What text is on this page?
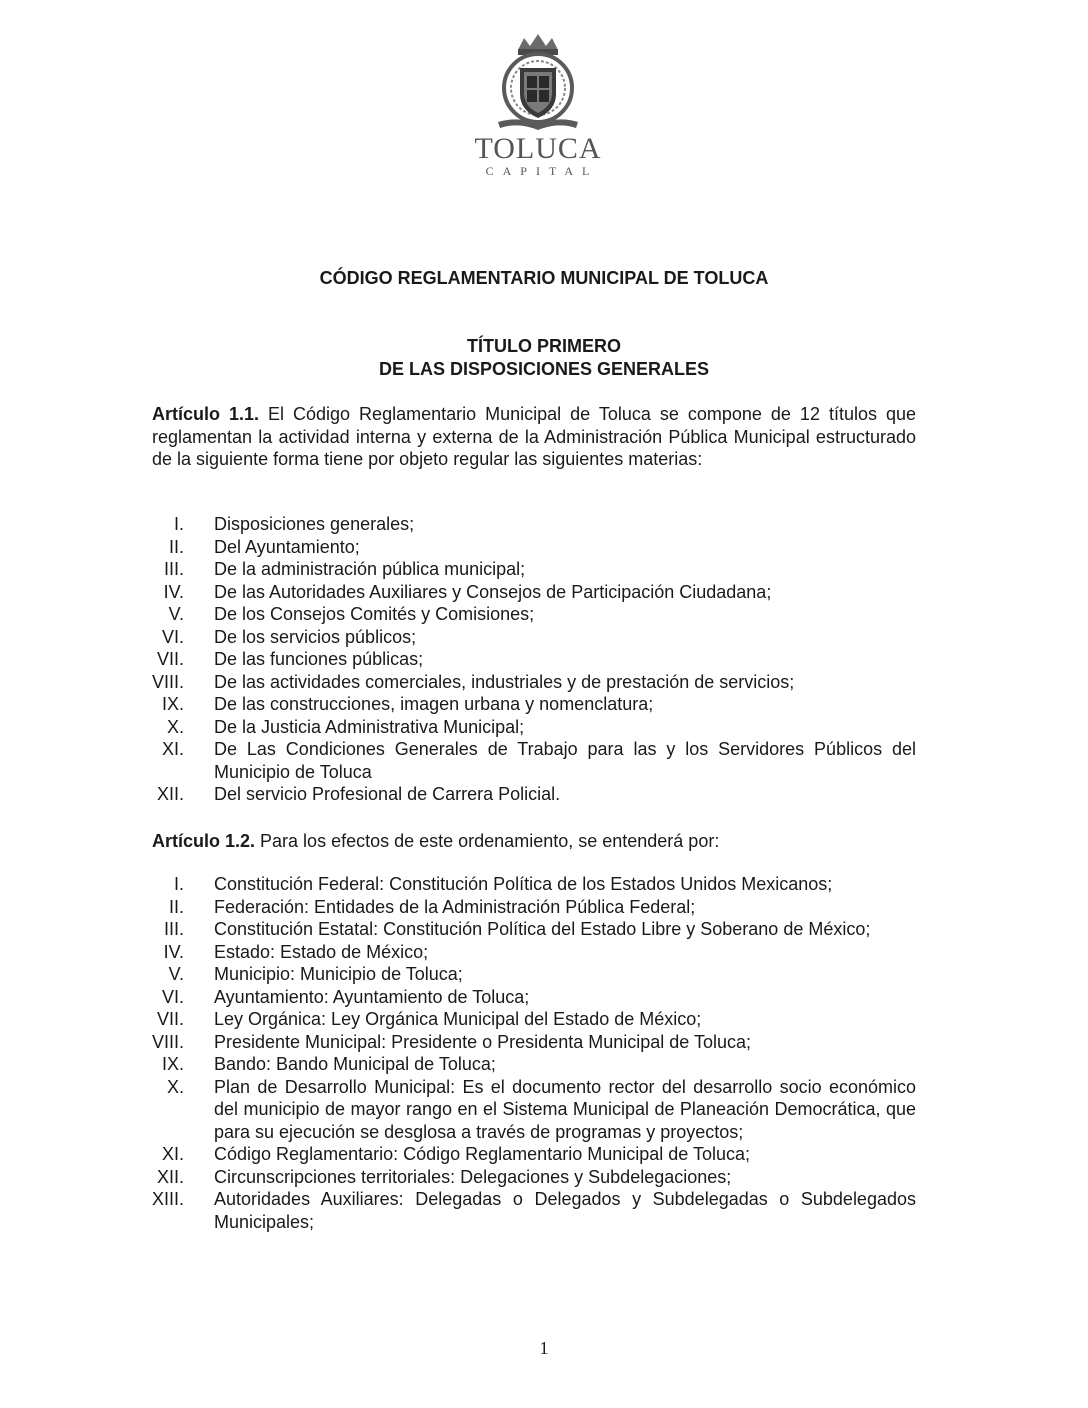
TOLUCA
CAPITAL
CÓDIGO REGLAMENTARIO MUNICIPAL DE TOLUCA
TÍTULO PRIMERO
DE LAS DISPOSICIONES GENERALES
Artículo 1.1. El Código Reglamentario Municipal de Toluca se compone de 12 títulos que reglamentan la actividad interna y externa de la Administración Pública Municipal estructurado de la siguiente forma tiene por objeto regular las siguientes materias:
I. Disposiciones generales;
II. Del Ayuntamiento;
III. De la administración pública municipal;
IV. De las Autoridades Auxiliares y Consejos de Participación Ciudadana;
V. De los Consejos Comités y Comisiones;
VI. De los servicios públicos;
VII. De las funciones públicas;
VIII. De las actividades comerciales, industriales y de prestación de servicios;
IX. De las construcciones, imagen urbana y nomenclatura;
X. De la Justicia Administrativa Municipal;
XI. De Las Condiciones Generales de Trabajo para las y los Servidores Públicos del Municipio de Toluca
XII. Del servicio Profesional de Carrera Policial.
Artículo 1.2. Para los efectos de este ordenamiento, se entenderá por:
I. Constitución Federal: Constitución Política de los Estados Unidos Mexicanos;
II. Federación: Entidades de la Administración Pública Federal;
III. Constitución Estatal: Constitución Política del Estado Libre y Soberano de México;
IV. Estado: Estado de México;
V. Municipio: Municipio de Toluca;
VI. Ayuntamiento: Ayuntamiento de Toluca;
VII. Ley Orgánica: Ley Orgánica Municipal del Estado de México;
VIII. Presidente Municipal: Presidente o Presidenta Municipal de Toluca;
IX. Bando: Bando Municipal de Toluca;
X. Plan de Desarrollo Municipal: Es el documento rector del desarrollo socio económico del municipio de mayor rango en el Sistema Municipal de Planeación Democrática, que para su ejecución se desglosa a través de programas y proyectos;
XI. Código Reglamentario: Código Reglamentario Municipal de Toluca;
XII. Circunscripciones territoriales: Delegaciones y Subdelegaciones;
XIII. Autoridades Auxiliares: Delegadas o Delegados y Subdelegadas o Subdelegados Municipales;
1
